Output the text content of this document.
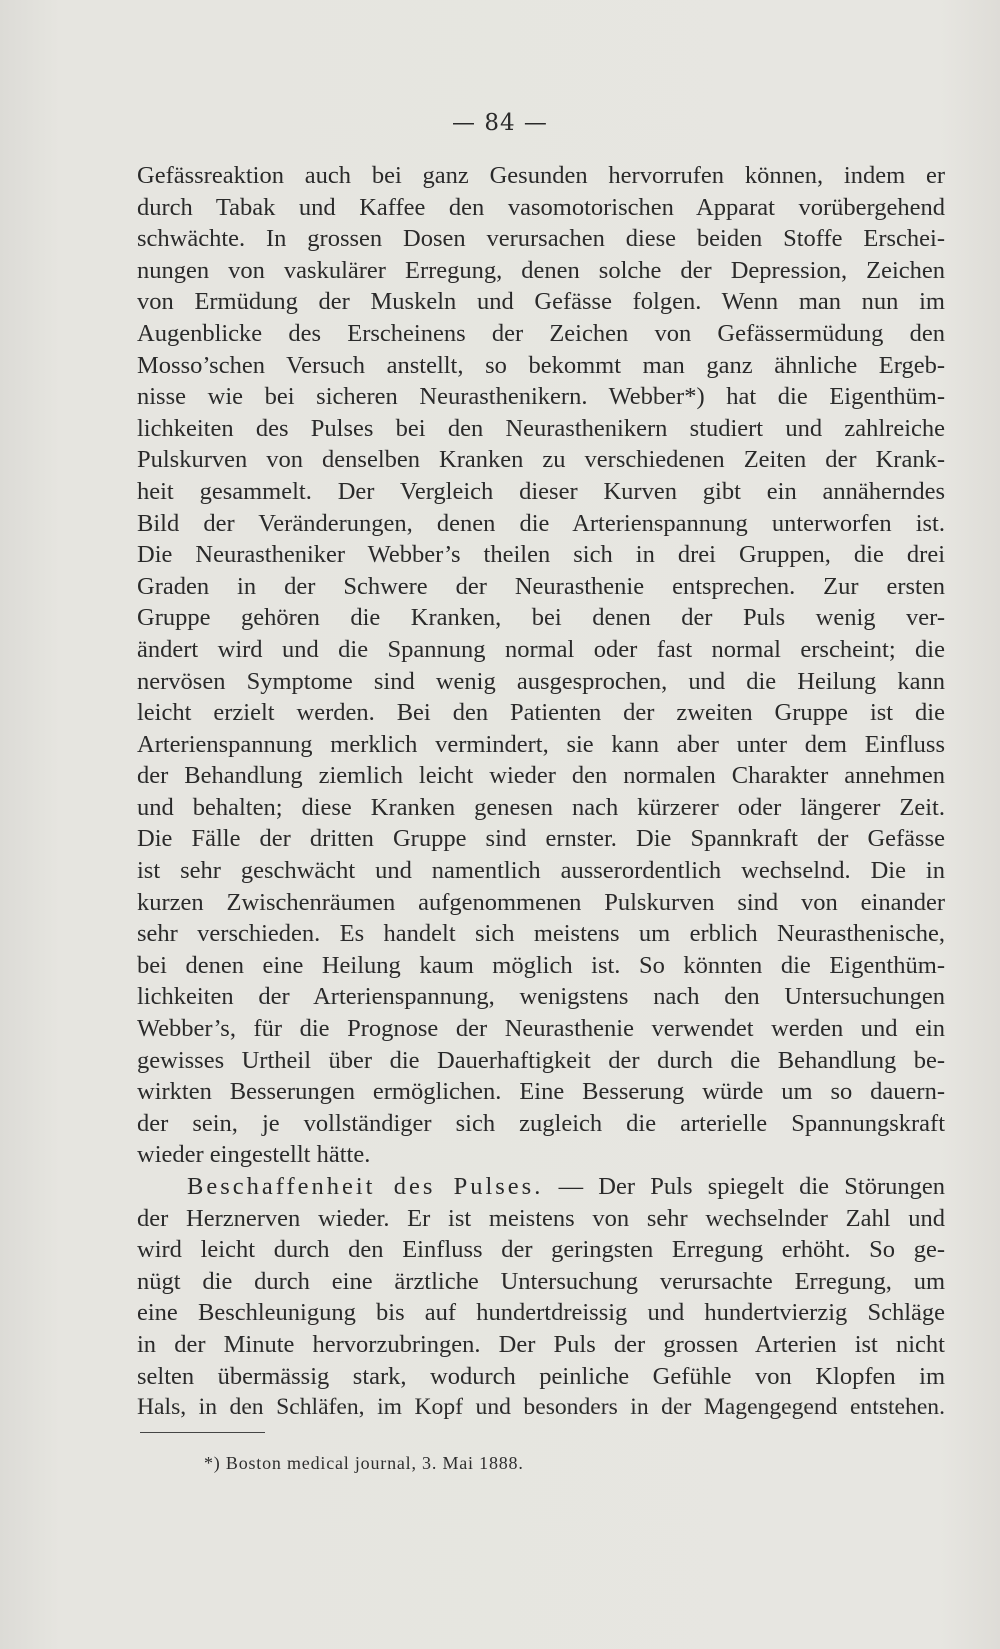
— 84 —
Gefässreaktion auch bei ganz Gesunden hervorrufen können, indem er
durch Tabak und Kaffee den vasomotorischen Apparat vorübergehend
schwächte. In grossen Dosen verursachen diese beiden Stoffe Erschei-
nungen von vaskulärer Erregung, denen solche der Depression, Zeichen
von Ermüdung der Muskeln und Gefässe folgen. Wenn man nun im
Augenblicke des Erscheinens der Zeichen von Gefässermüdung den
Mosso’schen Versuch anstellt, so bekommt man ganz ähnliche Ergeb-
nisse wie bei sicheren Neurasthenikern. Webber*) hat die Eigenthüm-
lichkeiten des Pulses bei den Neurasthenikern studiert und zahlreiche
Pulskurven von denselben Kranken zu verschiedenen Zeiten der Krank-
heit gesammelt. Der Vergleich dieser Kurven gibt ein annäherndes
Bild der Veränderungen, denen die Arterienspannung unterworfen ist.
Die Neurastheniker Webber’s theilen sich in drei Gruppen, die drei
Graden in der Schwere der Neurasthenie entsprechen. Zur ersten
Gruppe gehören die Kranken, bei denen der Puls wenig ver-
ändert wird und die Spannung normal oder fast normal erscheint; die
nervösen Symptome sind wenig ausgesprochen, und die Heilung kann
leicht erzielt werden. Bei den Patienten der zweiten Gruppe ist die
Arterienspannung merklich vermindert, sie kann aber unter dem Einfluss
der Behandlung ziemlich leicht wieder den normalen Charakter annehmen
und behalten; diese Kranken genesen nach kürzerer oder längerer Zeit.
Die Fälle der dritten Gruppe sind ernster. Die Spannkraft der Gefässe
ist sehr geschwächt und namentlich ausserordentlich wechselnd. Die in
kurzen Zwischenräumen aufgenommenen Pulskurven sind von einander
sehr verschieden. Es handelt sich meistens um erblich Neurasthenische,
bei denen eine Heilung kaum möglich ist. So könnten die Eigenthüm-
lichkeiten der Arterienspannung, wenigstens nach den Untersuchungen
Webber’s, für die Prognose der Neurasthenie verwendet werden und ein
gewisses Urtheil über die Dauerhaftigkeit der durch die Behandlung be-
wirkten Besserungen ermöglichen. Eine Besserung würde um so dauern-
der sein, je vollständiger sich zugleich die arterielle Spannungskraft
wieder eingestellt hätte.
Beschaffenheit des Pulses. — Der Puls spiegelt die Störungen
der Herznerven wieder. Er ist meistens von sehr wechselnder Zahl und
wird leicht durch den Einfluss der geringsten Erregung erhöht. So ge-
nügt die durch eine ärztliche Untersuchung verursachte Erregung, um
eine Beschleunigung bis auf hundertdreissig und hundertvierzig Schläge
in der Minute hervorzubringen. Der Puls der grossen Arterien ist nicht
selten übermässig stark, wodurch peinliche Gefühle von Klopfen im
Hals, in den Schläfen, im Kopf und besonders in der Magengegend entstehen.
*) Boston medical journal, 3. Mai 1888.
